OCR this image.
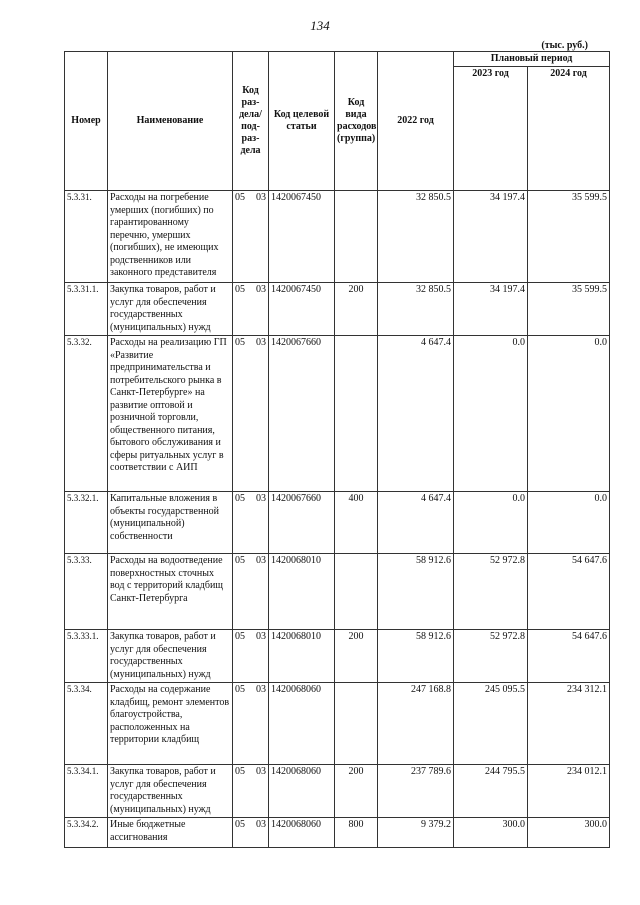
134
(тыс. руб.)
Номер	Наименование	Код раз-дела/ под-раз-дела		Код целевой статьи	Код вида расходов (группа)	2022 год	Плановый период	
							2023 год	2024 год
5.3.31.	Расходы на погребение умерших (погибших) по гарантированному перечню, умерших (погибших), не имеющих родственников или законного представителя	05	03	1420067450		32 850.5	34 197.4	35 599.5
5.3.31.1.	Закупка товаров, работ и услуг для обеспечения государственных (муниципальных) нужд	05	03	1420067450	200	32 850.5	34 197.4	35 599.5
5.3.32.	Расходы на реализацию ГП «Развитие предпринимательства и потребительского рынка в Санкт-Петербурге» на развитие оптовой и розничной торговли, общественного питания, бытового обслуживания и сферы ритуальных услуг в соответствии с АИП	05	03	1420067660		4 647.4	0.0	0.0
5.3.32.1.	Капитальные вложения в объекты государственной (муниципальной) собственности	05	03	1420067660	400	4 647.4	0.0	0.0
5.3.33.	Расходы на водоотведение поверхностных сточных вод с территорий кладбищ Санкт-Петербурга	05	03	1420068010		58 912.6	52 972.8	54 647.6
5.3.33.1.	Закупка товаров, работ и услуг для обеспечения государственных (муниципальных) нужд	05	03	1420068010	200	58 912.6	52 972.8	54 647.6
5.3.34.	Расходы на содержание кладбищ, ремонт элементов благоустройства, расположенных на территории кладбищ	05	03	1420068060		247 168.8	245 095.5	234 312.1
5.3.34.1.	Закупка товаров, работ и услуг для обеспечения государственных (муниципальных) нужд	05	03	1420068060	200	237 789.6	244 795.5	234 012.1
5.3.34.2.	Иные бюджетные ассигнования	05	03	1420068060	800	9 379.2	300.0	300.0
